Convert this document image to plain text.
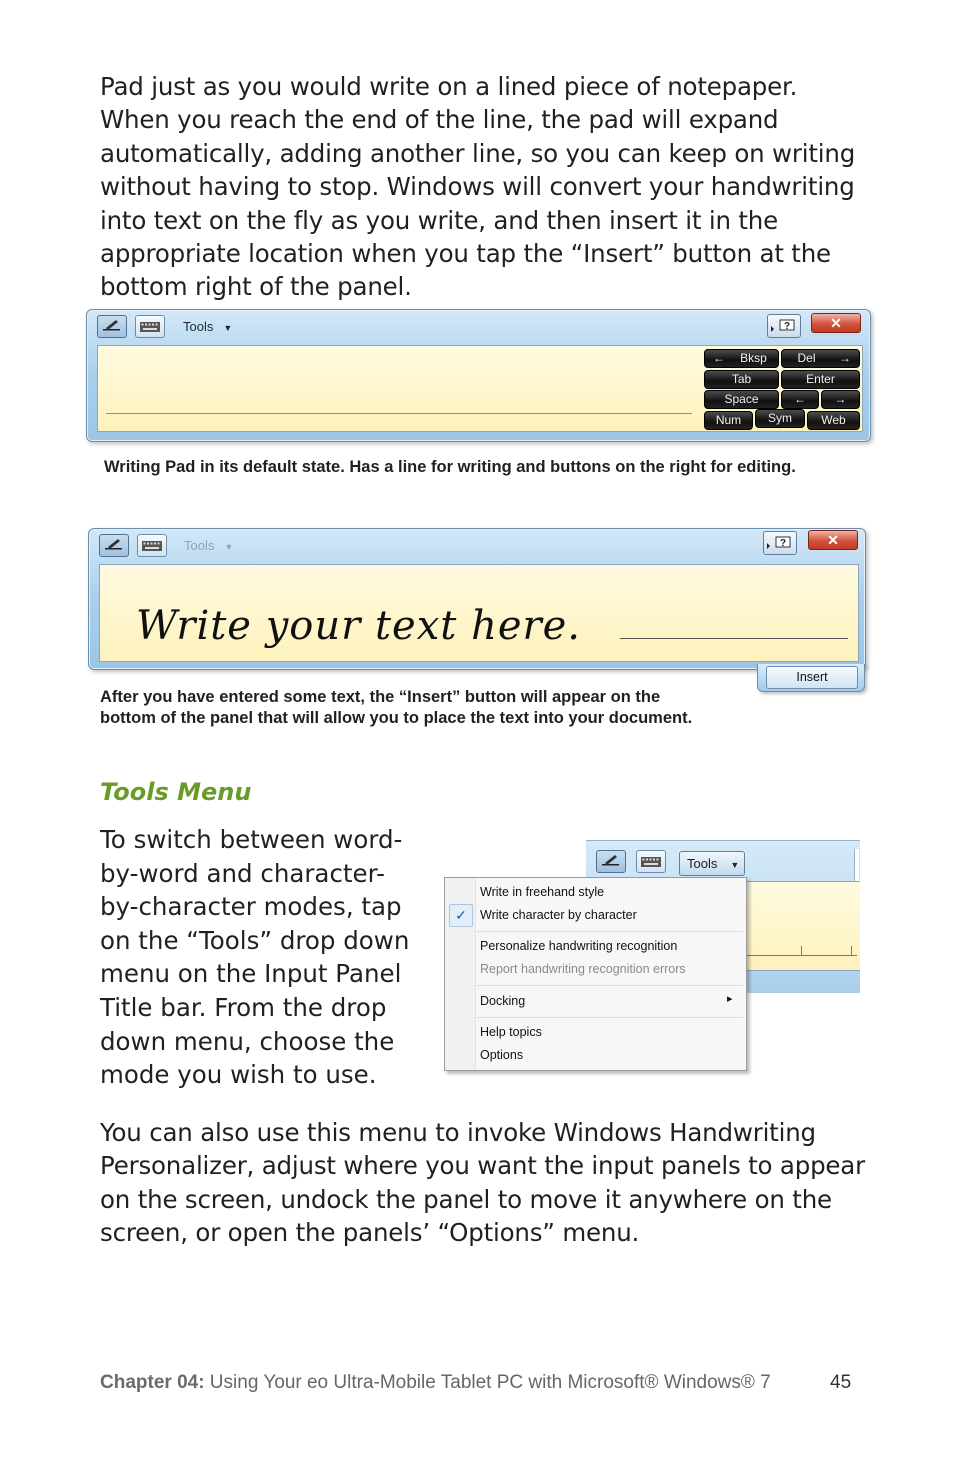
Pad just as you would write on a lined piece of notepaper. When you reach the end of the line, the pad will expand automatically, adding another line, so you can keep on writing without having to stop. Windows will convert your handwriting into text on the fly as you write, and then insert it in the appropriate location when you tap the “Insert” button at the bottom right of the panel.

Tools ▼	?	✕
← Bksp	Del →
Tab	Enter
Space	←	→
Num	Sym	Web
Writing Pad in its default state. Has a line for writing and buttons on the right for editing.
Tools ▼	?	✕
Write your text here.
Insert
After you have entered some text, the “Insert” button will appear on the
bottom of the panel that will allow you to place the text into your document.
Tools Menu
To switch between word-
by-word and character-
by-character modes, tap
on the “Tools” drop down
menu on the Input Panel
Title bar. From the drop
down menu, choose the
mode you wish to use.
Tools ▼
Write in freehand style
✓	Write character by character
Personalize handwriting recognition
Report handwriting recognition errors
Docking	▸
Help topics
Options

You can also use this menu to invoke Windows Handwriting Personalizer, adjust where you want the input panels to appear on the screen, undock the panel to move it anywhere on the screen, or open the panels’ “Options” menu.

Chapter 04: Using Your eo Ultra-Mobile Tablet PC with Microsoft® Windows® 7	45
